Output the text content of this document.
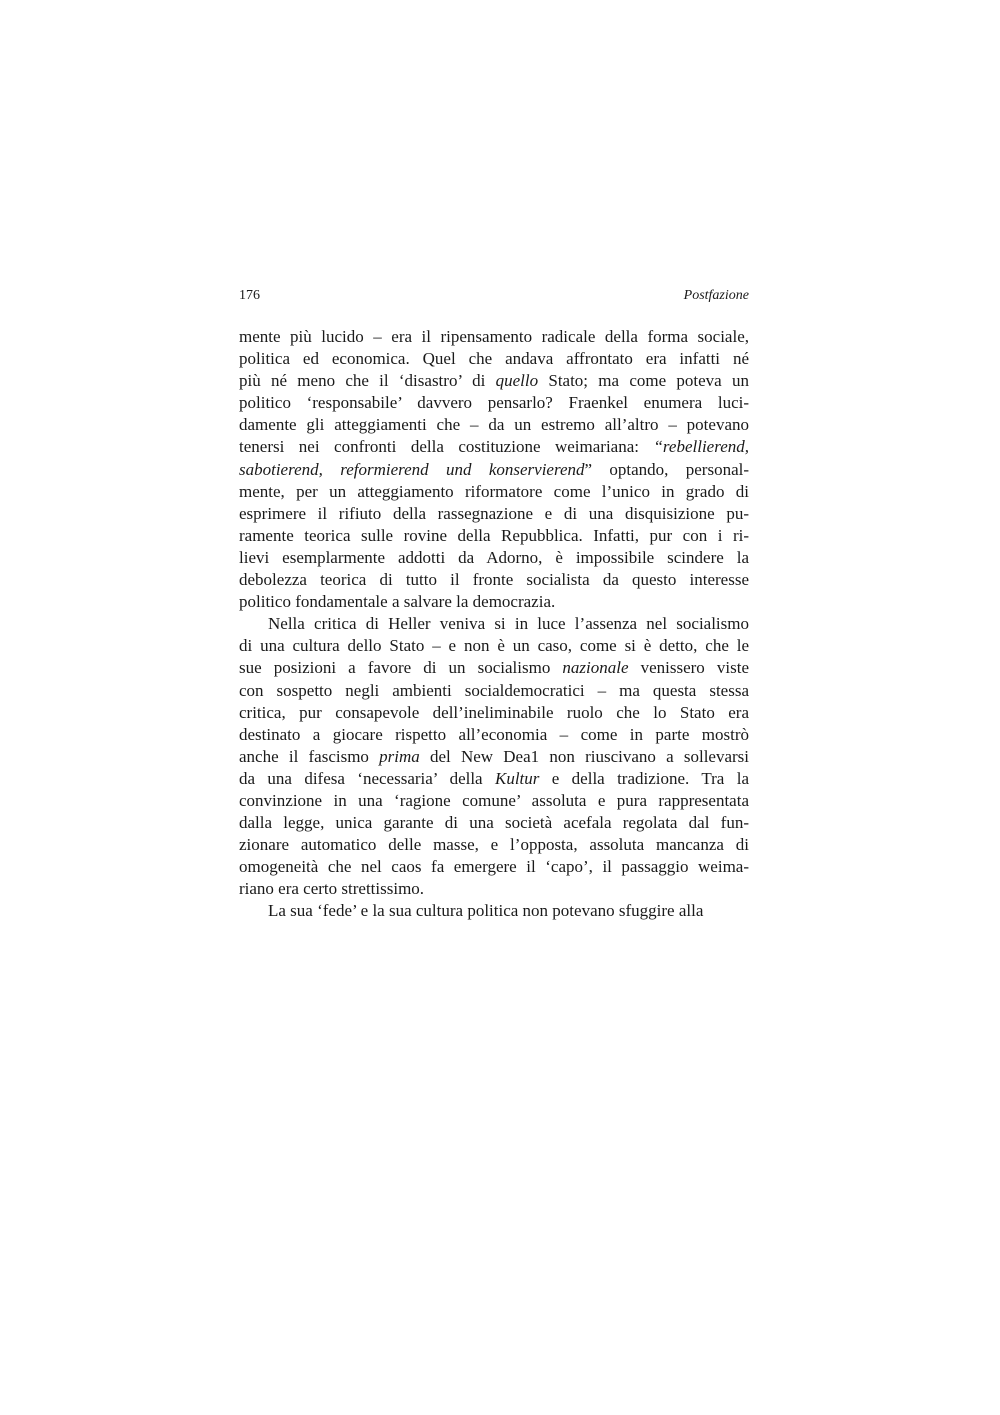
176	Postfazione
mente più lucido – era il ripensamento radicale della forma sociale,
politica ed economica. Quel che andava affrontato era infatti né
più né meno che il ‘disastro’ di quello Stato; ma come poteva un
politico ‘responsabile’ davvero pensarlo? Fraenkel enumera luci-
damente gli atteggiamenti che – da un estremo all’altro – potevano
tenersi nei confronti della costituzione weimariana: “rebellierend,
sabotierend, reformierend und konservierend” optando, personal-
mente, per un atteggiamento riformatore come l’unico in grado di
esprimere il rifiuto della rassegnazione e di una disquisizione pu-
ramente teorica sulle rovine della Repubblica. Infatti, pur con i ri-
lievi esemplarmente addotti da Adorno, è impossibile scindere la
debolezza teorica di tutto il fronte socialista da questo interesse
politico fondamentale a salvare la democrazia.
Nella critica di Heller veniva si in luce l’assenza nel socialismo
di una cultura dello Stato – e non è un caso, come si è detto, che le
sue posizioni a favore di un socialismo nazionale venissero viste
con sospetto negli ambienti socialdemocratici – ma questa stessa
critica, pur consapevole dell’ineliminabile ruolo che lo Stato era
destinato a giocare rispetto all’economia – come in parte mostrò
anche il fascismo prima del New Dea1 non riuscivano a sollevarsi
da una difesa ‘necessaria’ della Kultur e della tradizione. Tra la
convinzione in una ‘ragione comune’ assoluta e pura rappresentata
dalla legge, unica garante di una società acefala regolata dal fun-
zionare automatico delle masse, e l’opposta, assoluta mancanza di
omogeneità che nel caos fa emergere il ‘capo’, il passaggio weima-
riano era certo strettissimo.
La sua ‘fede’ e la sua cultura politica non potevano sfuggire alla
